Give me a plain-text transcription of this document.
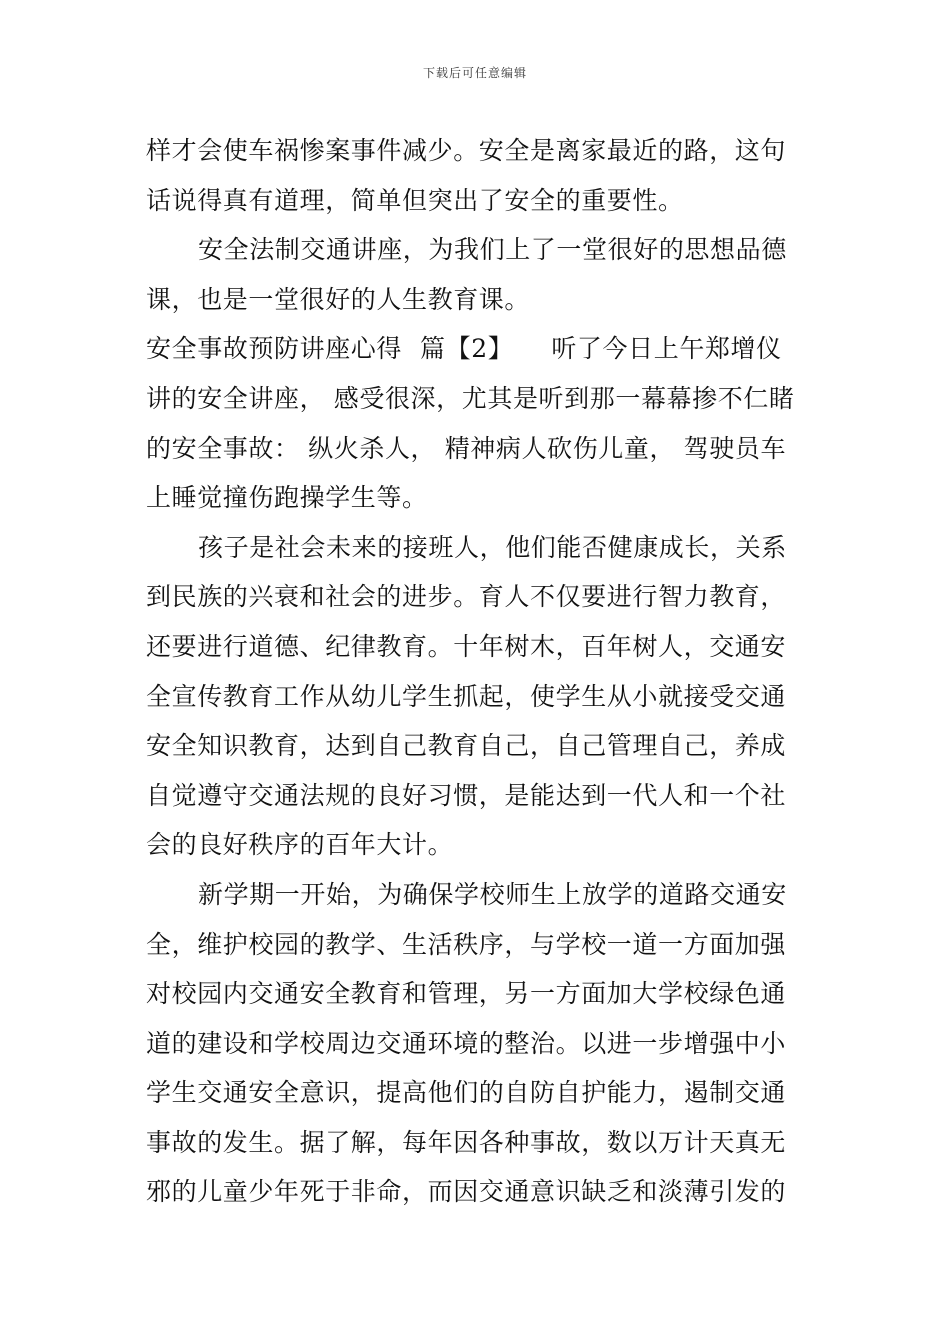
下载后可任意编辑
样才会使车祸惨案事件减少。安全是离家最近的路，这句
话说得真有道理，简单但突出了安全的重要性。
安全法制交通讲座，为我们上了一堂很好的思想品德
课，也是一堂很好的人生教育课。
安全事故预防讲座心得 篇【2】 听了今日上午郑增仪
讲的安全讲座， 感受很深，尤其是听到那一幕幕掺不仁睹
的安全事故： 纵火杀人， 精神病人砍伤儿童， 驾驶员车
上睡觉撞伤跑操学生等。
孩子是社会未来的接班人，他们能否健康成长，关系
到民族的兴衰和社会的进步。育人不仅要进行智力教育，
还要进行道德、纪律教育。十年树木，百年树人，交通安
全宣传教育工作从幼儿学生抓起，使学生从小就接受交通
安全知识教育，达到自己教育自己，自己管理自己，养成
自觉遵守交通法规的良好习惯，是能达到一代人和一个社
会的良好秩序的百年大计。
新学期一开始，为确保学校师生上放学的道路交通安
全，维护校园的教学、生活秩序，与学校一道一方面加强
对校园内交通安全教育和管理，另一方面加大学校绿色通
道的建设和学校周边交通环境的整治。以进一步增强中小
学生交通安全意识，提高他们的自防自护能力，遏制交通
事故的发生。据了解，每年因各种事故，数以万计天真无
邪的儿童少年死于非命，而因交通意识缺乏和淡薄引发的
